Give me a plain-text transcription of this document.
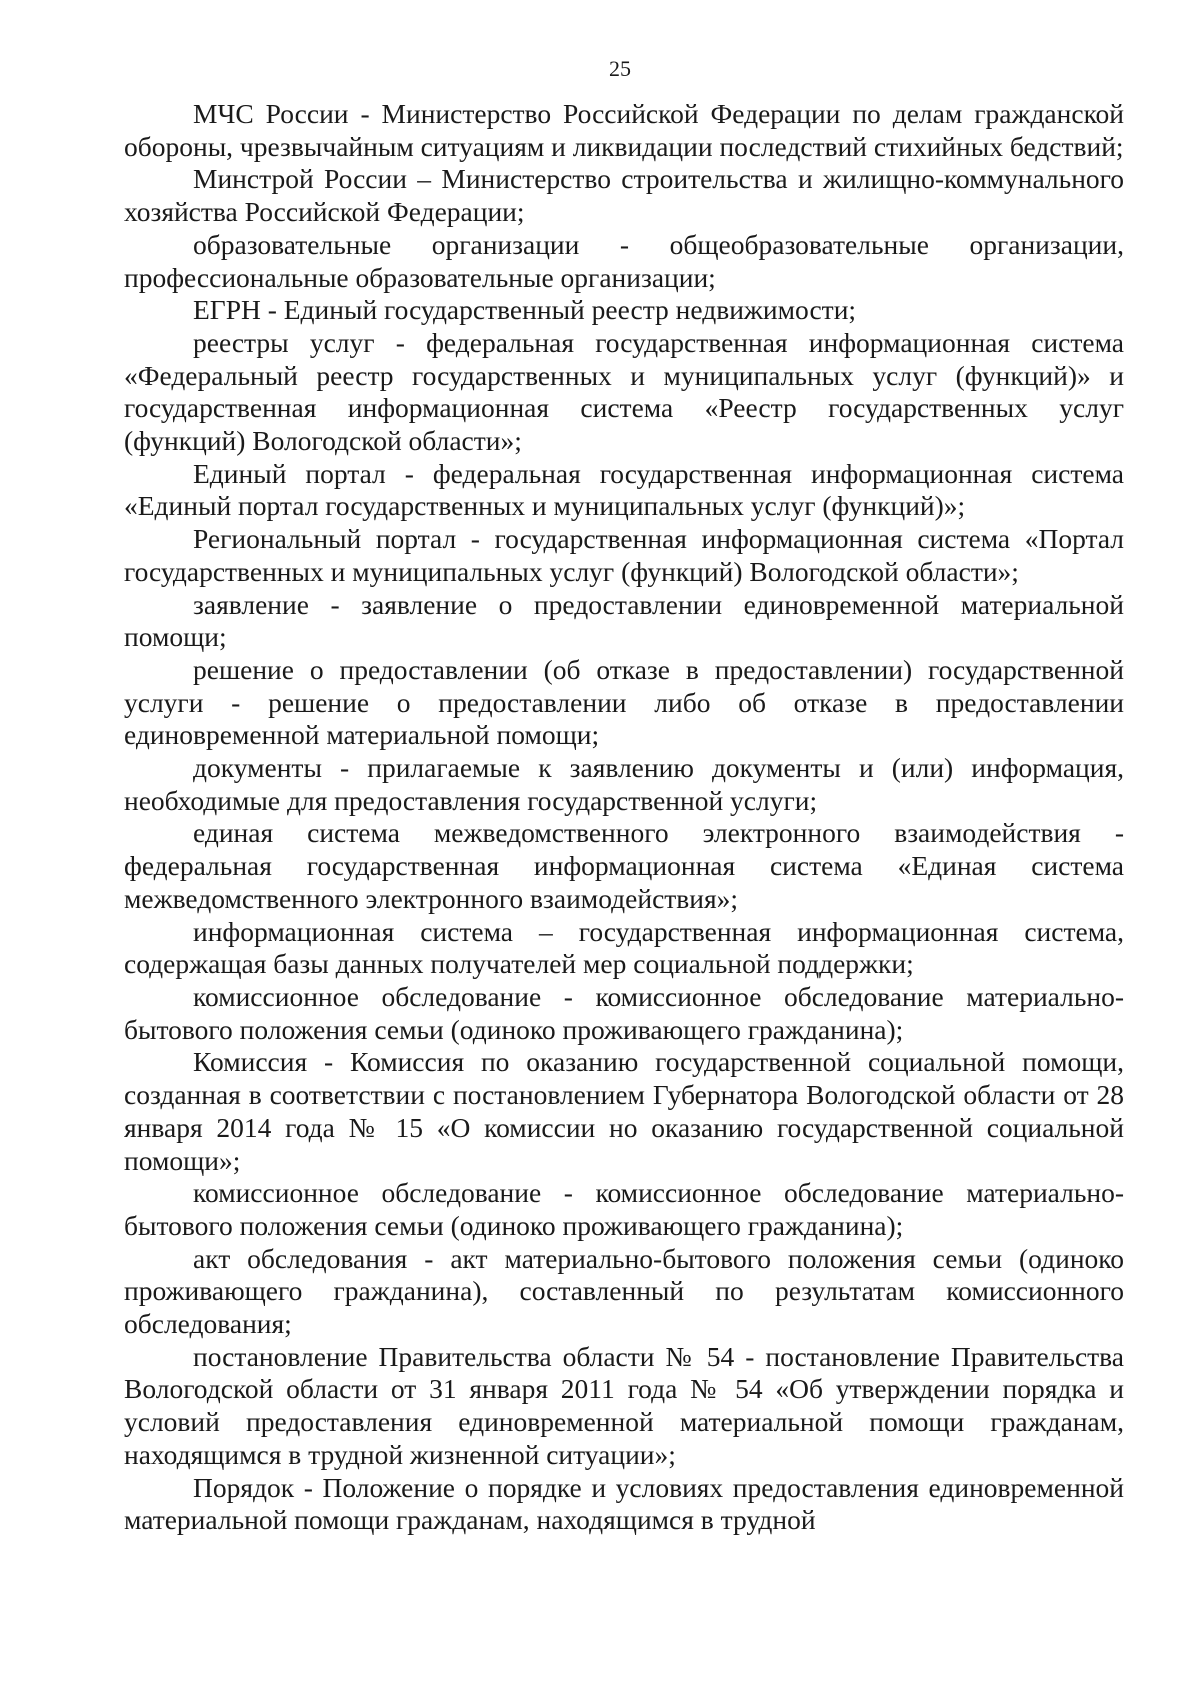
25

МЧС России - Министерство Российской Федерации по делам гражданской обороны, чрезвычайным ситуациям и ликвидации последствий стихийных бедствий;

Минстрой России – Министерство строительства и жилищно-коммунального хозяйства Российской Федерации;

образовательные организации - общеобразовательные организации, профессиональные образовательные организации;

ЕГРН - Единый государственный реестр недвижимости;

реестры услуг - федеральная государственная информационная система «Федеральный реестр государственных и муниципальных услуг (функций)» и государственная информационная система «Реестр государственных услуг (функций) Вологодской области»;

Единый портал - федеральная государственная информационная система «Единый портал государственных и муниципальных услуг (функций)»;

Региональный портал - государственная информационная система «Портал государственных и муниципальных услуг (функций) Вологодской области»;

заявление - заявление о предоставлении единовременной материальной помощи;

решение о предоставлении (об отказе в предоставлении) государственной услуги - решение о предоставлении либо об отказе в предоставлении единовременной материальной помощи;

документы - прилагаемые к заявлению документы и (или) информация, необходимые для предоставления государственной услуги;

единая система межведомственного электронного взаимодействия - федеральная государственная информационная система «Единая система межведомственного электронного взаимодействия»;

информационная система – государственная информационная система, содержащая базы данных получателей мер социальной поддержки;

комиссионное обследование - комиссионное обследование материально-бытового положения семьи (одиноко проживающего гражданина);

Комиссия - Комиссия по оказанию государственной социальной помощи, созданная в соответствии с постановлением Губернатора Вологодской области от 28 января 2014 года № 15 «О комиссии но оказанию государственной социальной помощи»;

комиссионное обследование - комиссионное обследование материально-бытового положения семьи (одиноко проживающего гражданина);

акт обследования - акт материально-бытового положения семьи (одиноко проживающего гражданина), составленный по результатам комиссионного обследования;

постановление Правительства области № 54 - постановление Правительства Вологодской области от 31 января 2011 года № 54 «Об утверждении порядка и условий предоставления единовременной материальной помощи гражданам, находящимся в трудной жизненной ситуации»;

Порядок - Положение о порядке и условиях предоставления единовременной материальной помощи гражданам, находящимся в трудной
